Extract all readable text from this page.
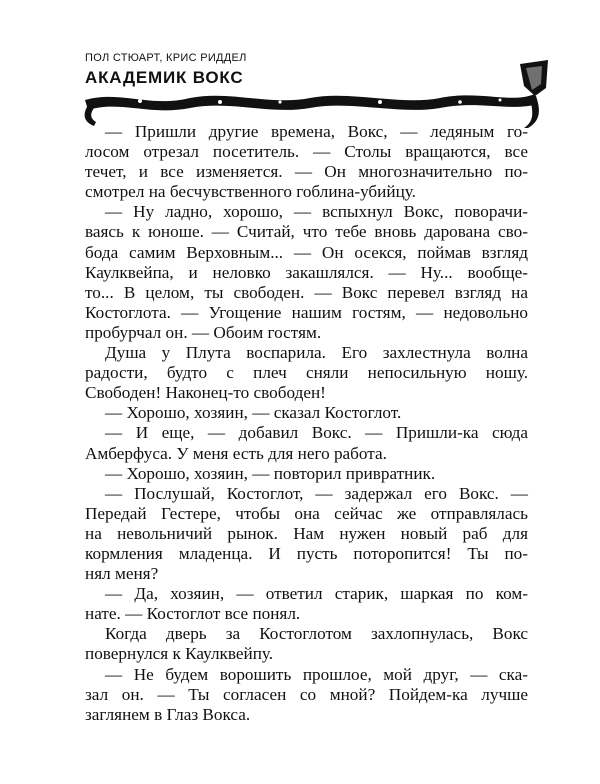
ПОЛ СТЮАРТ, КРИС РИДДЕЛ
АКАДЕМИК ВОКС
— Пришли другие времена, Вокс, — ледяным го-
лосом отрезал посетитель. — Столы вращаются, все
течет, и все изменяется. — Он многозначительно по-
смотрел на бесчувственного гоблина-убийцу.
— Ну ладно, хорошо, — вспыхнул Вокс, поворачи-
ваясь к юноше. — Считай, что тебе вновь дарована сво-
бода самим Верховным... — Он осекся, поймав взгляд
Каулквейпа, и неловко закашлялся. — Ну... вообще-
то... В целом, ты свободен. — Вокс перевел взгляд на
Костоглота. — Угощение нашим гостям, — недовольно
пробурчал он. — Обоим гостям.
Душа у Плута воспарила. Его захлестнула волна
радости, будто с плеч сняли непосильную ношу.
Свободен! Наконец-то свободен!
— Хорошо, хозяин, — сказал Костоглот.
— И еще, — добавил Вокс. — Пришли-ка сюда
Амберфуса. У меня есть для него работа.
— Хорошо, хозяин, — повторил привратник.
— Послушай, Костоглот, — задержал его Вокс. —
Передай Гестере, чтобы она сейчас же отправлялась
на невольничий рынок. Нам нужен новый раб для
кормления младенца. И пусть поторопится! Ты по-
нял меня?
— Да, хозяин, — ответил старик, шаркая по ком-
нате. — Костоглот все понял.
Когда дверь за Костоглотом захлопнулась, Вокс
повернулся к Каулквейпу.
— Не будем ворошить прошлое, мой друг, — ска-
зал он. — Ты согласен со мной? Пойдем-ка лучше
заглянем в Глаз Вокса.
